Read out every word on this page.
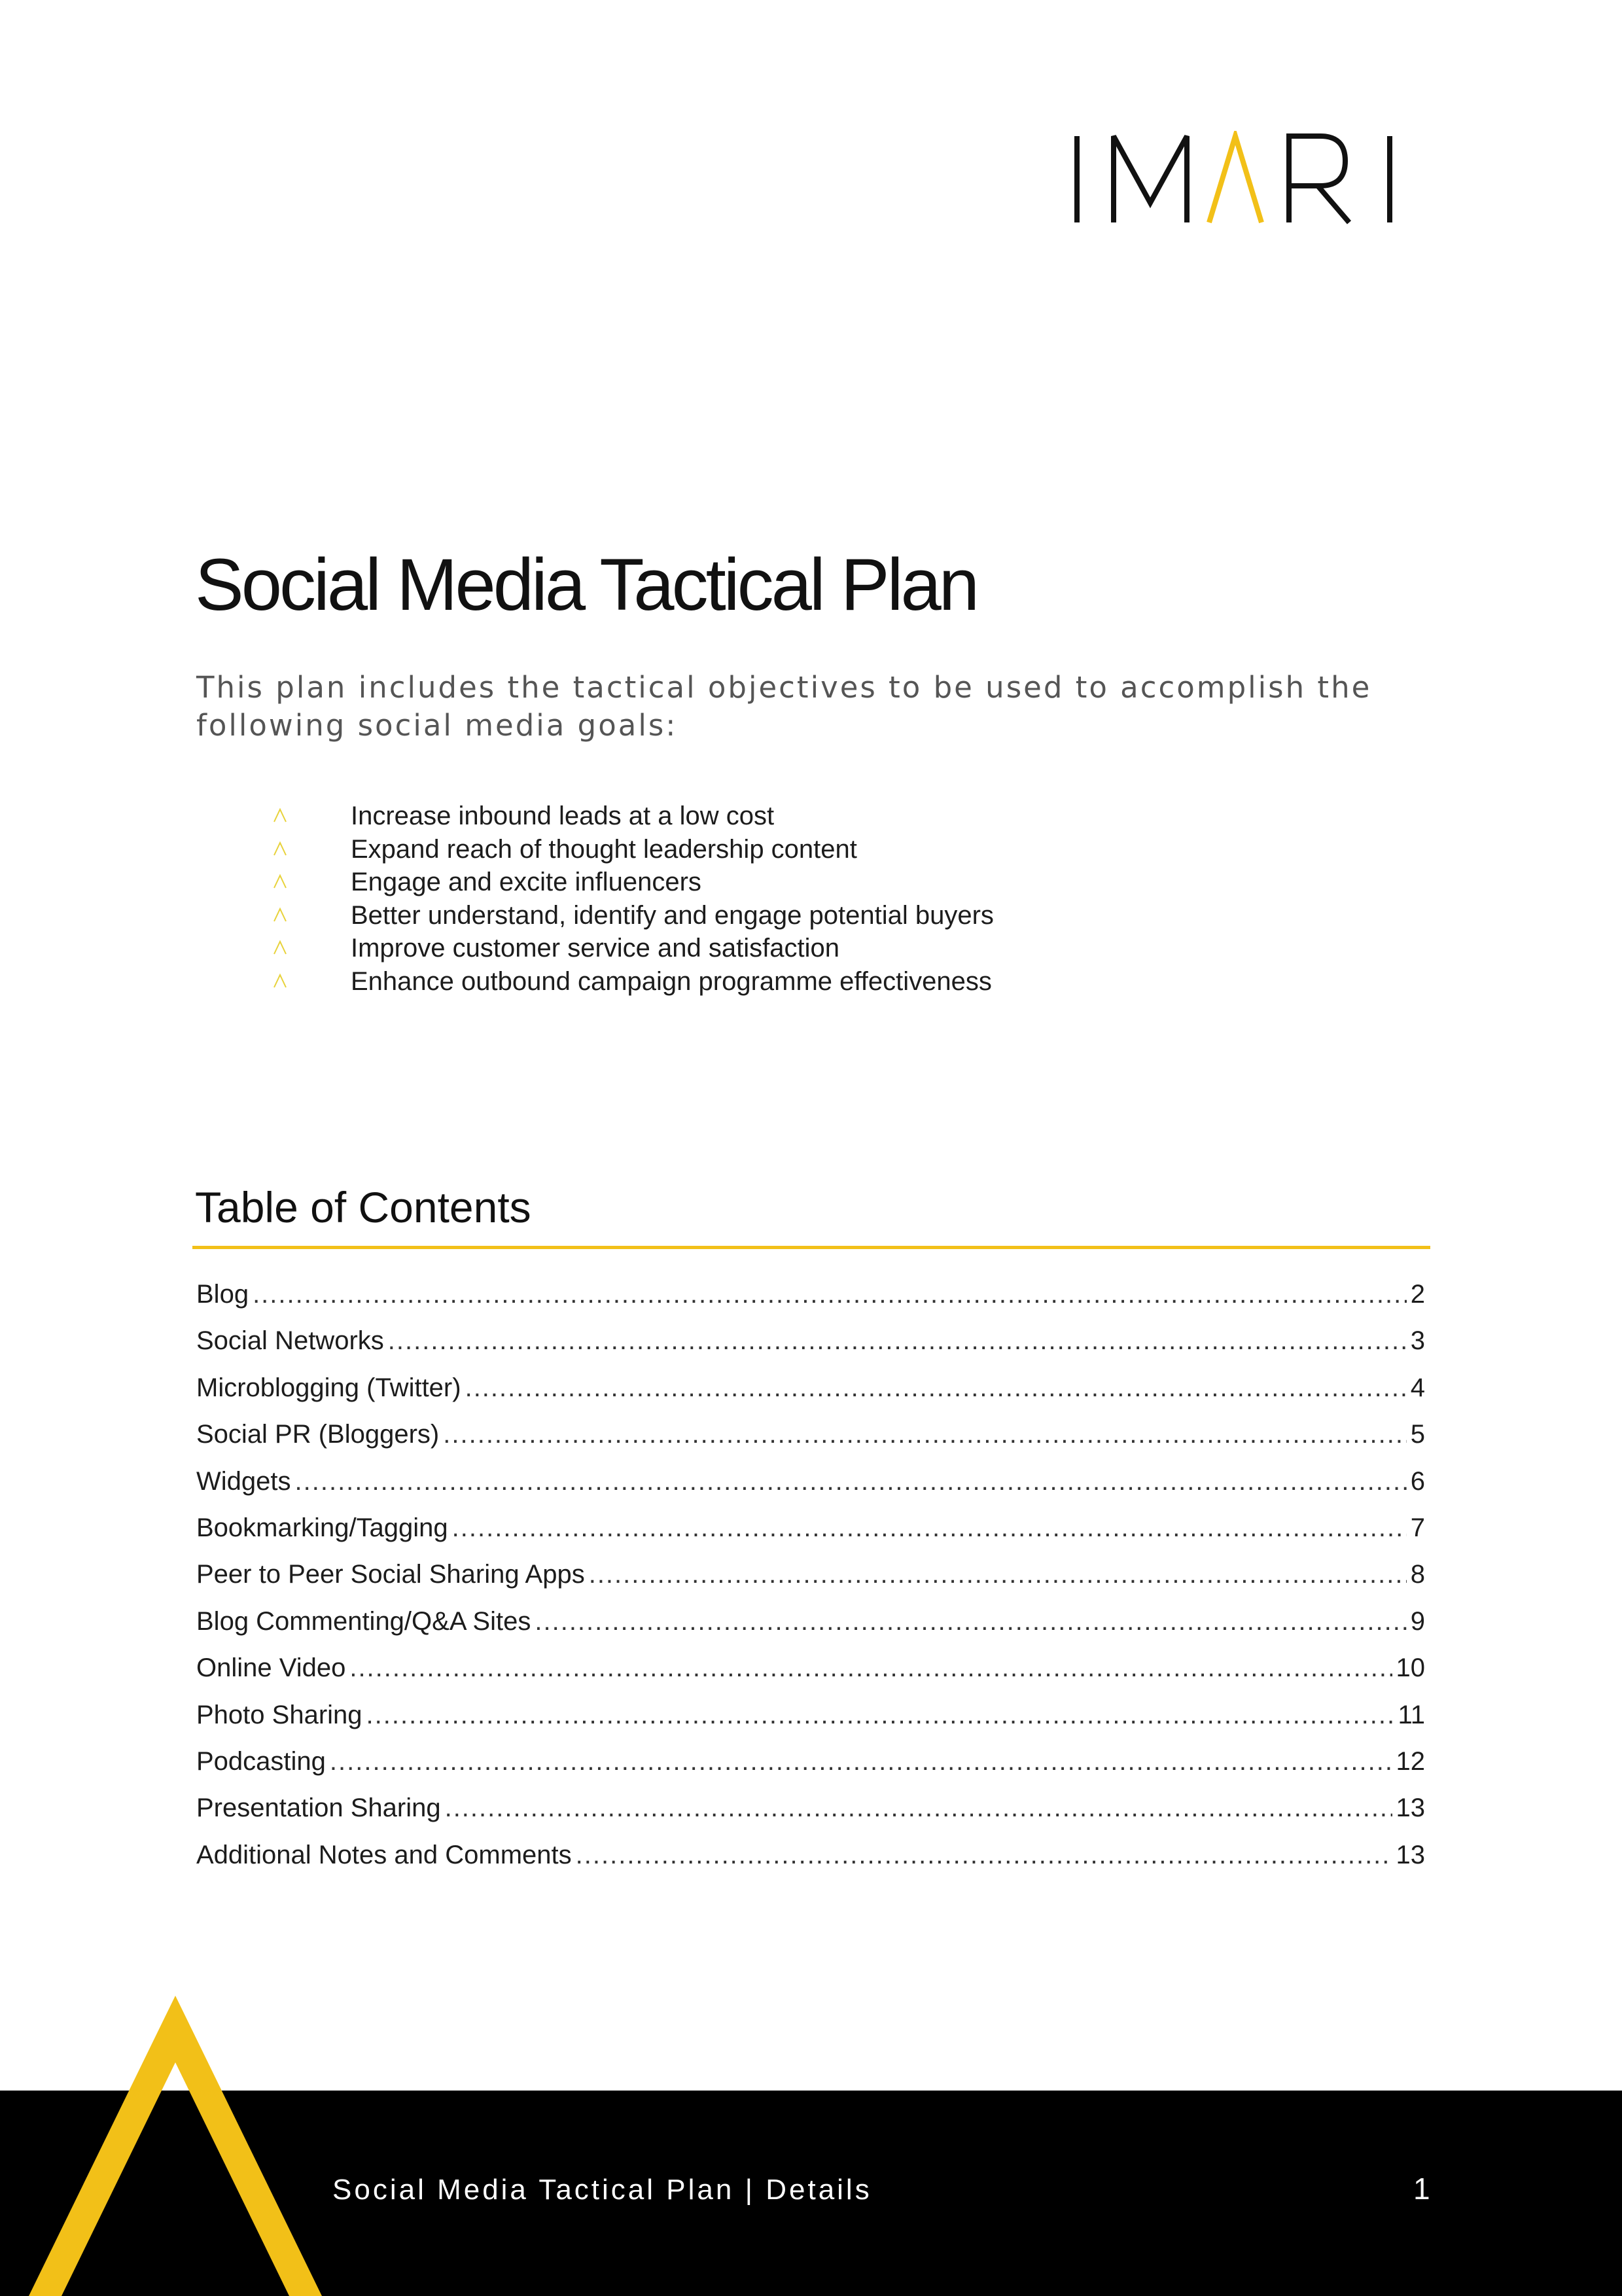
Social Media Tactical Plan

This plan includes the tactical objectives to be used to accomplish the following social media goals:

Increase inbound leads at a low cost
Expand reach of thought leadership content
Engage and excite influencers
Better understand, identify and engage potential buyers
Improve customer service and satisfaction
Enhance outbound campaign programme effectiveness
Table of Contents
Blog .....	2
Social Networks .....	3
Microblogging (Twitter) .....	4
Social PR (Bloggers) .....	5
Widgets .....	6
Bookmarking/Tagging .....	7
Peer to Peer Social Sharing Apps .....	8
Blog Commenting/Q&A Sites .....	9
Online Video .....	10
Photo Sharing .....	11
Podcasting .....	12
Presentation Sharing .....	13
Additional Notes and Comments .....	13
Social Media Tactical Plan | Details	1
